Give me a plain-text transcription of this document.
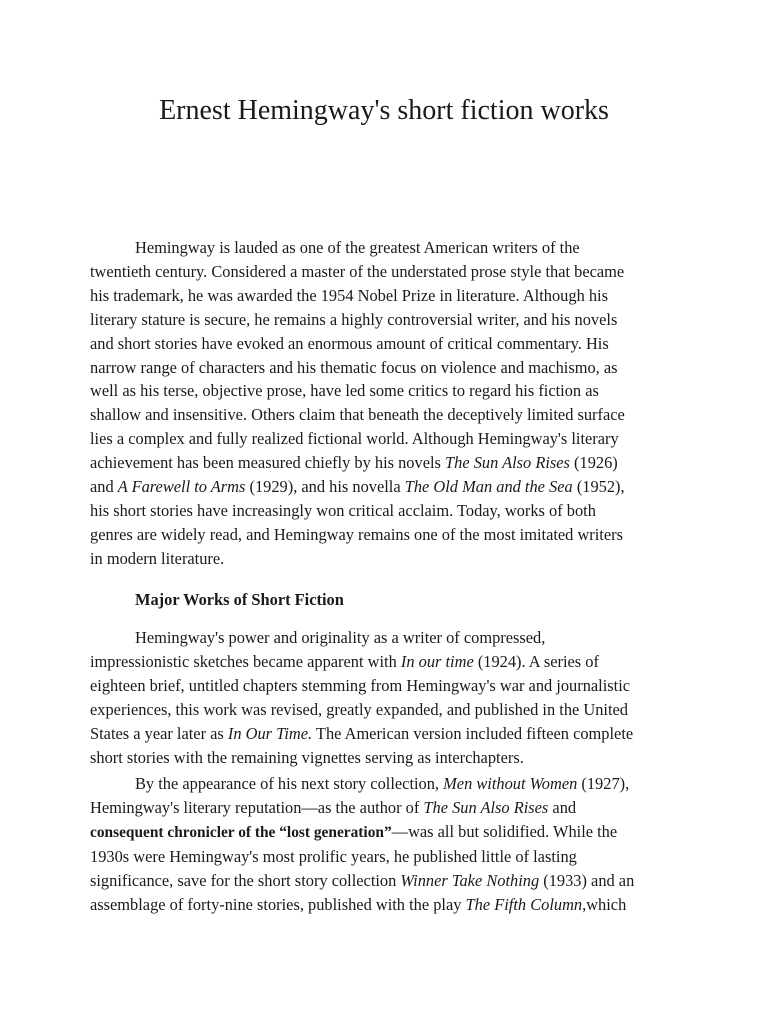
Ernest Hemingway's short fiction works

Hemingway is lauded as one of the greatest American writers of the
twentieth century. Considered a master of the understated prose style that became
his trademark, he was awarded the 1954 Nobel Prize in literature. Although his
literary stature is secure, he remains a highly controversial writer, and his novels
and short stories have evoked an enormous amount of critical commentary. His
narrow range of characters and his thematic focus on violence and machismo, as
well as his terse, objective prose, have led some critics to regard his fiction as
shallow and insensitive. Others claim that beneath the deceptively limited surface
lies a complex and fully realized fictional world. Although Hemingway's literary
achievement has been measured chiefly by his novels The Sun Also Rises (1926)
and A Farewell to Arms (1929), and his novella The Old Man and the Sea (1952),
his short stories have increasingly won critical acclaim. Today, works of both
genres are widely read, and Hemingway remains one of the most imitated writers
in modern literature.

Major Works of Short Fiction

Hemingway's power and originality as a writer of compressed,
impressionistic sketches became apparent with In our time (1924). A series of
eighteen brief, untitled chapters stemming from Hemingway's war and journalistic
experiences, this work was revised, greatly expanded, and published in the United
States a year later as In Our Time. The American version included fifteen complete
short stories with the remaining vignettes serving as interchapters.

By the appearance of his next story collection, Men without Women (1927),
Hemingway's literary reputation—as the author of The Sun Also Rises and
consequent chronicler of the “lost generation”—was all but solidified. While the
1930s were Hemingway's most prolific years, he published little of lasting
significance, save for the short story collection Winner Take Nothing (1933) and an
assemblage of forty-nine stories, published with the play The Fifth Column,which
